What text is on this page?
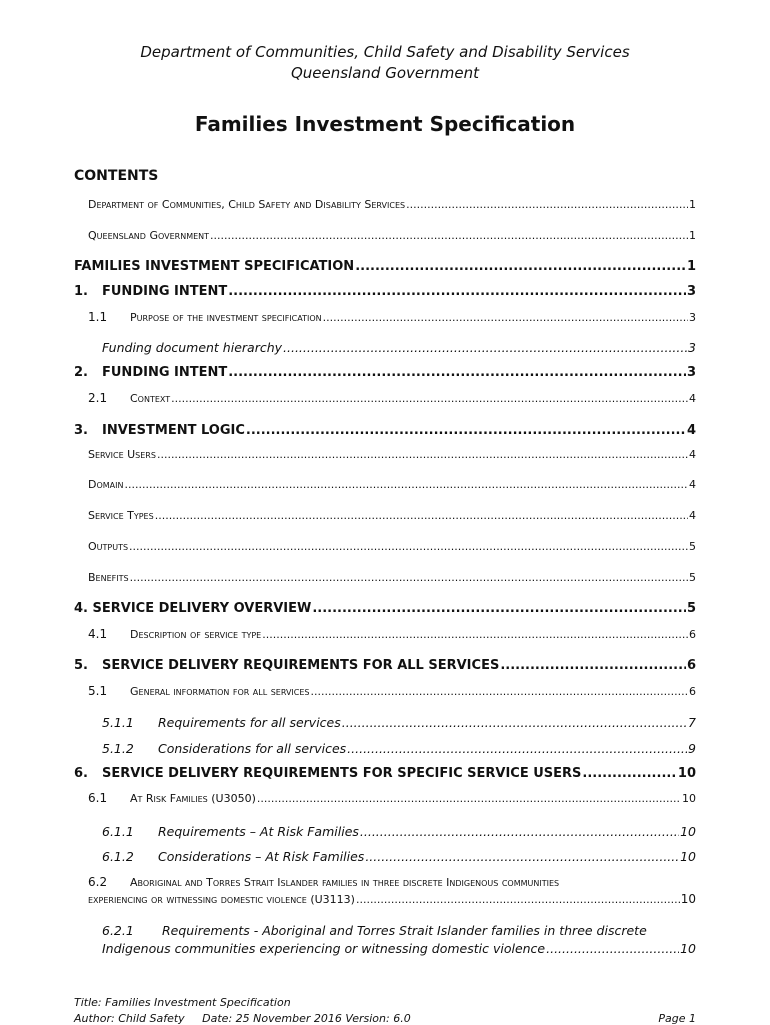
Department of Communities, Child Safety and Disability Services
Queensland Government
Families Investment Specification
CONTENTS
Department of Communities, Child Safety and Disability Services .....	1
Queensland Government .....	1
FAMILIES INVESTMENT SPECIFICATION .....	1
1.	FUNDING INTENT .....	3
1.1	Purpose of the investment specification .....	3
Funding document hierarchy .....	3
2.	FUNDING INTENT .....	3
2.1	Context .....	4
3.	INVESTMENT LOGIC .....	4
Service Users .....	4
Domain .....	4
Service Types .....	4
Outputs .....	5
Benefits .....	5
4. SERVICE DELIVERY OVERVIEW .....	5
4.1	Description of service type .....	6
5.	SERVICE DELIVERY REQUIREMENTS FOR ALL SERVICES .....	6
5.1	General information for all services .....	6
5.1.1	Requirements for all services .....	7
5.1.2	Considerations for all services .....	9
6.	SERVICE DELIVERY REQUIREMENTS FOR SPECIFIC SERVICE USERS .....	10
6.1	At Risk Families (U3050) .....	10
6.1.1	Requirements – At Risk Families .....	10
6.1.2	Considerations – At Risk Families .....	10
6.2 Aboriginal and Torres Strait Islander families in three discrete Indigenous communities
experiencing or witnessing domestic violence (U3113) .....	10
6.2.1 Requirements - Aboriginal and Torres Strait Islander families in three discrete
Indigenous communities experiencing or witnessing domestic violence .....	10
Title: Families Investment Specification
Author: Child Safety     Date: 25 November 2016 Version: 6.0	Page 1
